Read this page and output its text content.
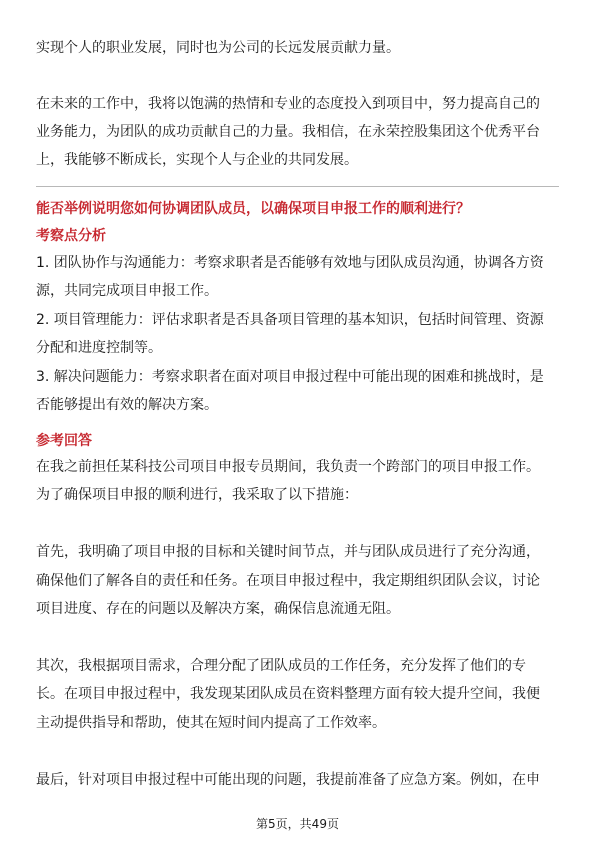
实现个人的职业发展，同时也为公司的长远发展贡献力量。
在未来的工作中，我将以饱满的热情和专业的态度投入到项目中，努力提高自己的
业务能力，为团队的成功贡献自己的力量。我相信，在永荣控股集团这个优秀平台
上，我能够不断成长，实现个人与企业的共同发展。
能否举例说明您如何协调团队成员，以确保项目申报工作的顺利进行？
考察点分析
1. 团队协作与沟通能力：考察求职者是否能够有效地与团队成员沟通，协调各方资
源，共同完成项目申报工作。
2. 项目管理能力：评估求职者是否具备项目管理的基本知识，包括时间管理、资源
分配和进度控制等。
3. 解决问题能力：考察求职者在面对项目申报过程中可能出现的困难和挑战时，是
否能够提出有效的解决方案。
参考回答
在我之前担任某科技公司项目申报专员期间，我负责一个跨部门的项目申报工作。
为了确保项目申报的顺利进行，我采取了以下措施：
首先，我明确了项目申报的目标和关键时间节点，并与团队成员进行了充分沟通，
确保他们了解各自的责任和任务。在项目申报过程中，我定期组织团队会议，讨论
项目进度、存在的问题以及解决方案，确保信息流通无阻。
其次，我根据项目需求，合理分配了团队成员的工作任务，充分发挥了他们的专
长。在项目申报过程中，我发现某团队成员在资料整理方面有较大提升空间，我便
主动提供指导和帮助，使其在短时间内提高了工作效率。
最后，针对项目申报过程中可能出现的问题，我提前准备了应急方案。例如，在申
第5页，共49页
